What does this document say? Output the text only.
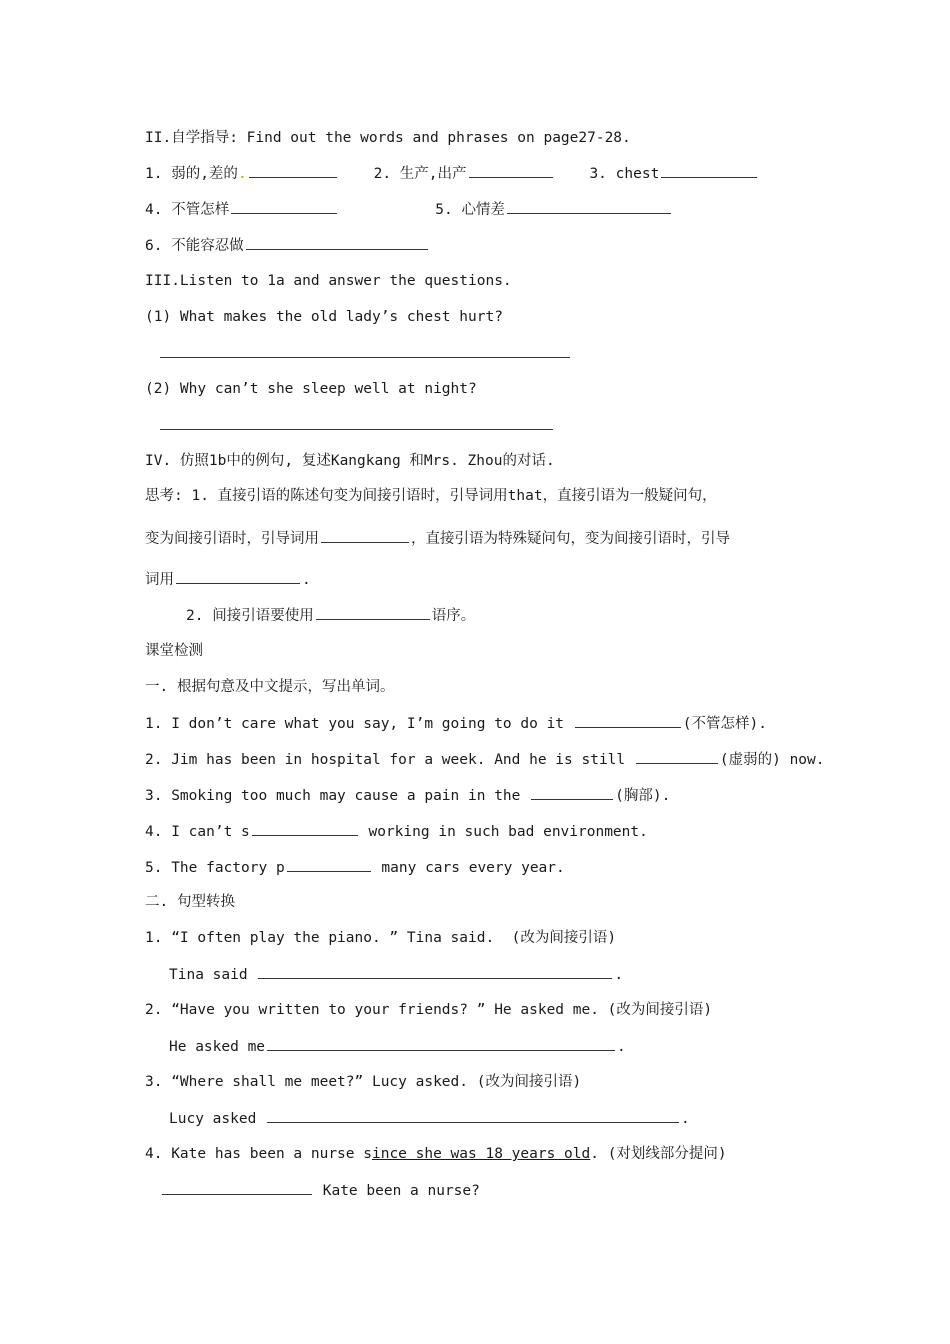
II.自学指导: Find out the words and phrases on page27-28.
1. 弱的,差的.	2. 生产,出产	3. chest
4. 不管怎样	5. 心情差
6. 不能容忍做
III.Listen to 1a and answer the questions.
(1) What makes the old lady’s chest hurt?
(2) Why can’t she sleep well at night?
IV. 仿照1b中的例句, 复述Kangkang 和Mrs. Zhou的对话.
思考: 1. 直接引语的陈述句变为间接引语时，引导词用that，直接引语为一般疑问句，
变为间接引语时，引导词用	，直接引语为特殊疑问句，变为间接引语时，引导
词用	.
2. 间接引语要使用	语序。
课堂检测
一. 根据句意及中文提示，写出单词。
1. I don’t care what you say, I’m going to do it	(不管怎样).
2. Jim has been in hospital for a week. And he is still	(虚弱的) now.
3. Smoking too much may cause a pain in the	(胸部).
4. I can’t s	working in such bad environment.
5. The factory p	many cars every year.
二. 句型转换
1. “I often play the piano. ” Tina said.  (改为间接引语)
Tina said	.
2. “Have you written to your friends? ” He asked me. (改为间接引语)
He asked me	.
3. “Where shall me meet?” Lucy asked. (改为间接引语)
Lucy asked	.
4. Kate has been a nurse since she was 18 years old. (对划线部分提问)
Kate been a nurse?
